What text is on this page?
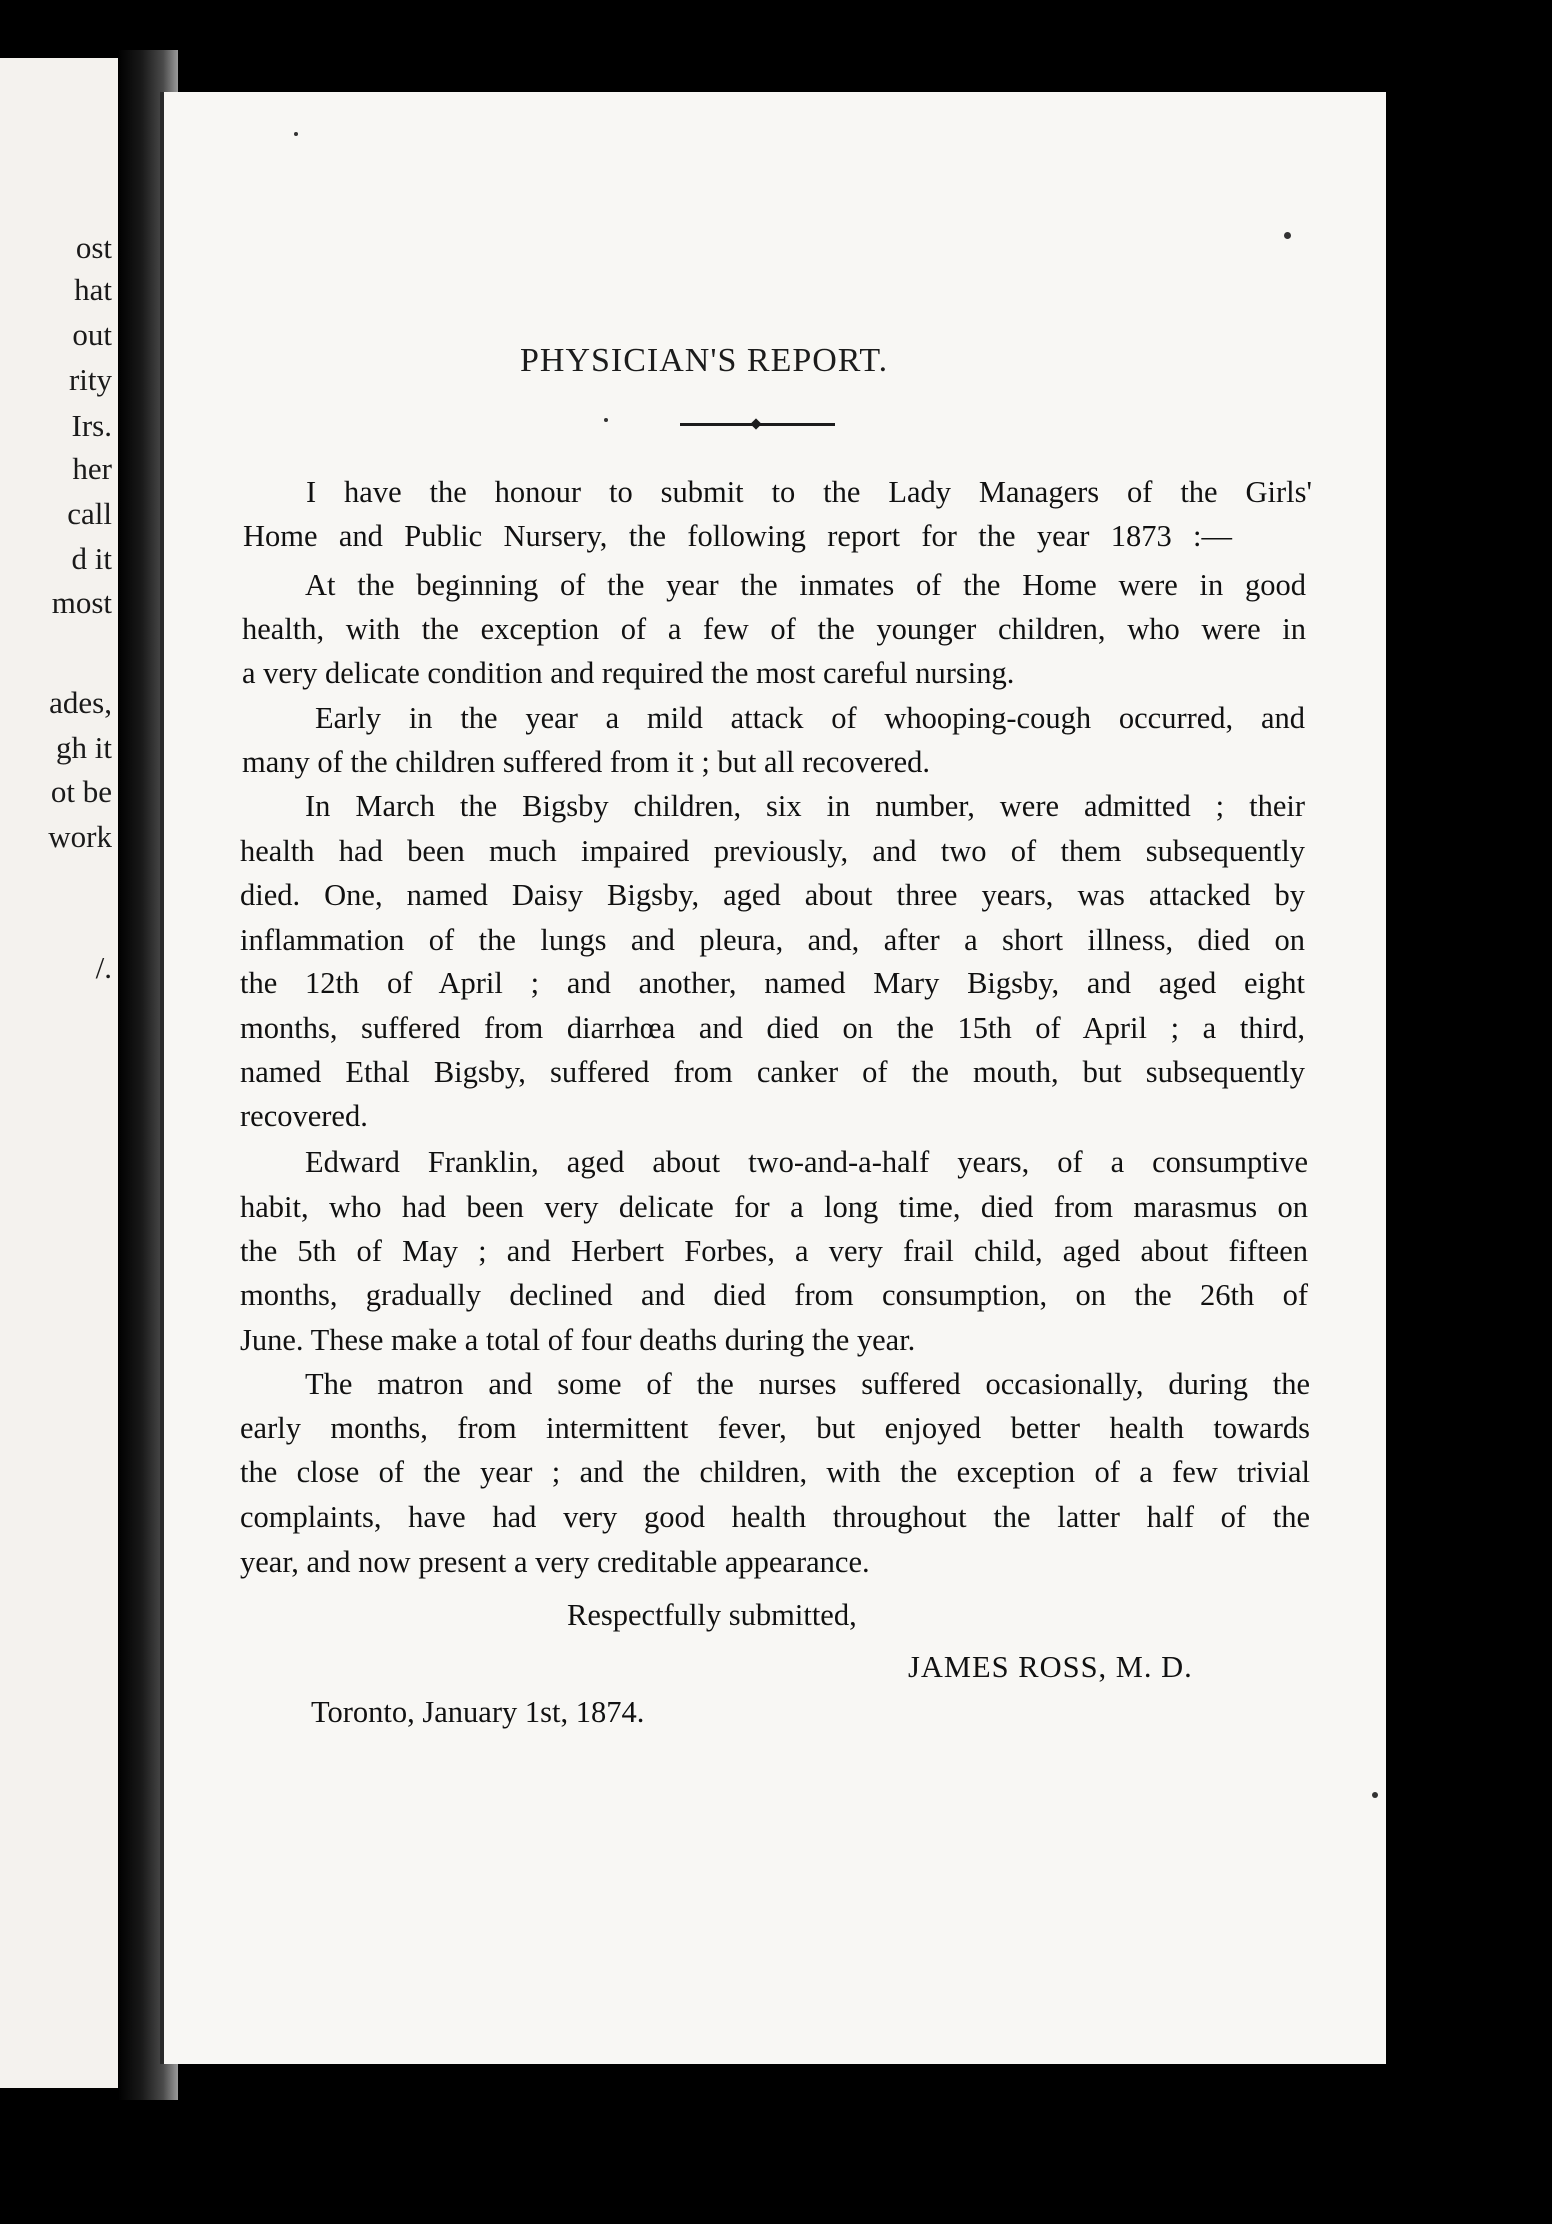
ost
hat
out
rity
Irs.
her
call
d it
most
ades,
gh it
ot be
work
/.
PHYSICIAN'S REPORT.
I have the honour to submit to the Lady Managers of the Girls'
Home and Public Nursery, the following report for the year 1873 :—
At the beginning of the year the inmates of the Home were in good
health, with the exception of a few of the younger children, who were in
a very delicate condition and required the most careful nursing.
Early in the year a mild attack of whooping-cough occurred, and
many of the children suffered from it ; but all recovered.
In March the Bigsby children, six in number, were admitted ; their
health had been much impaired previously, and two of them subsequently
died. One, named Daisy Bigsby, aged about three years, was attacked by
inflammation of the lungs and pleura, and, after a short illness, died on
the 12th of April ; and another, named Mary Bigsby, and aged eight
months, suffered from diarrhœa and died on the 15th of April ; a third,
named Ethal Bigsby, suffered from canker of the mouth, but subsequently
recovered.
Edward Franklin, aged about two-and-a-half years, of a consumptive
habit, who had been very delicate for a long time, died from marasmus on
the 5th of May ; and Herbert Forbes, a very frail child, aged about fifteen
months, gradually declined and died from consumption, on the 26th of
June. These make a total of four deaths during the year.
The matron and some of the nurses suffered occasionally, during the
early months, from intermittent fever, but enjoyed better health towards
the close of the year ; and the children, with the exception of a few trivial
complaints, have had very good health throughout the latter half of the
year, and now present a very creditable appearance.
Respectfully submitted,
JAMES ROSS, M. D.
Toronto, January 1st, 1874.
